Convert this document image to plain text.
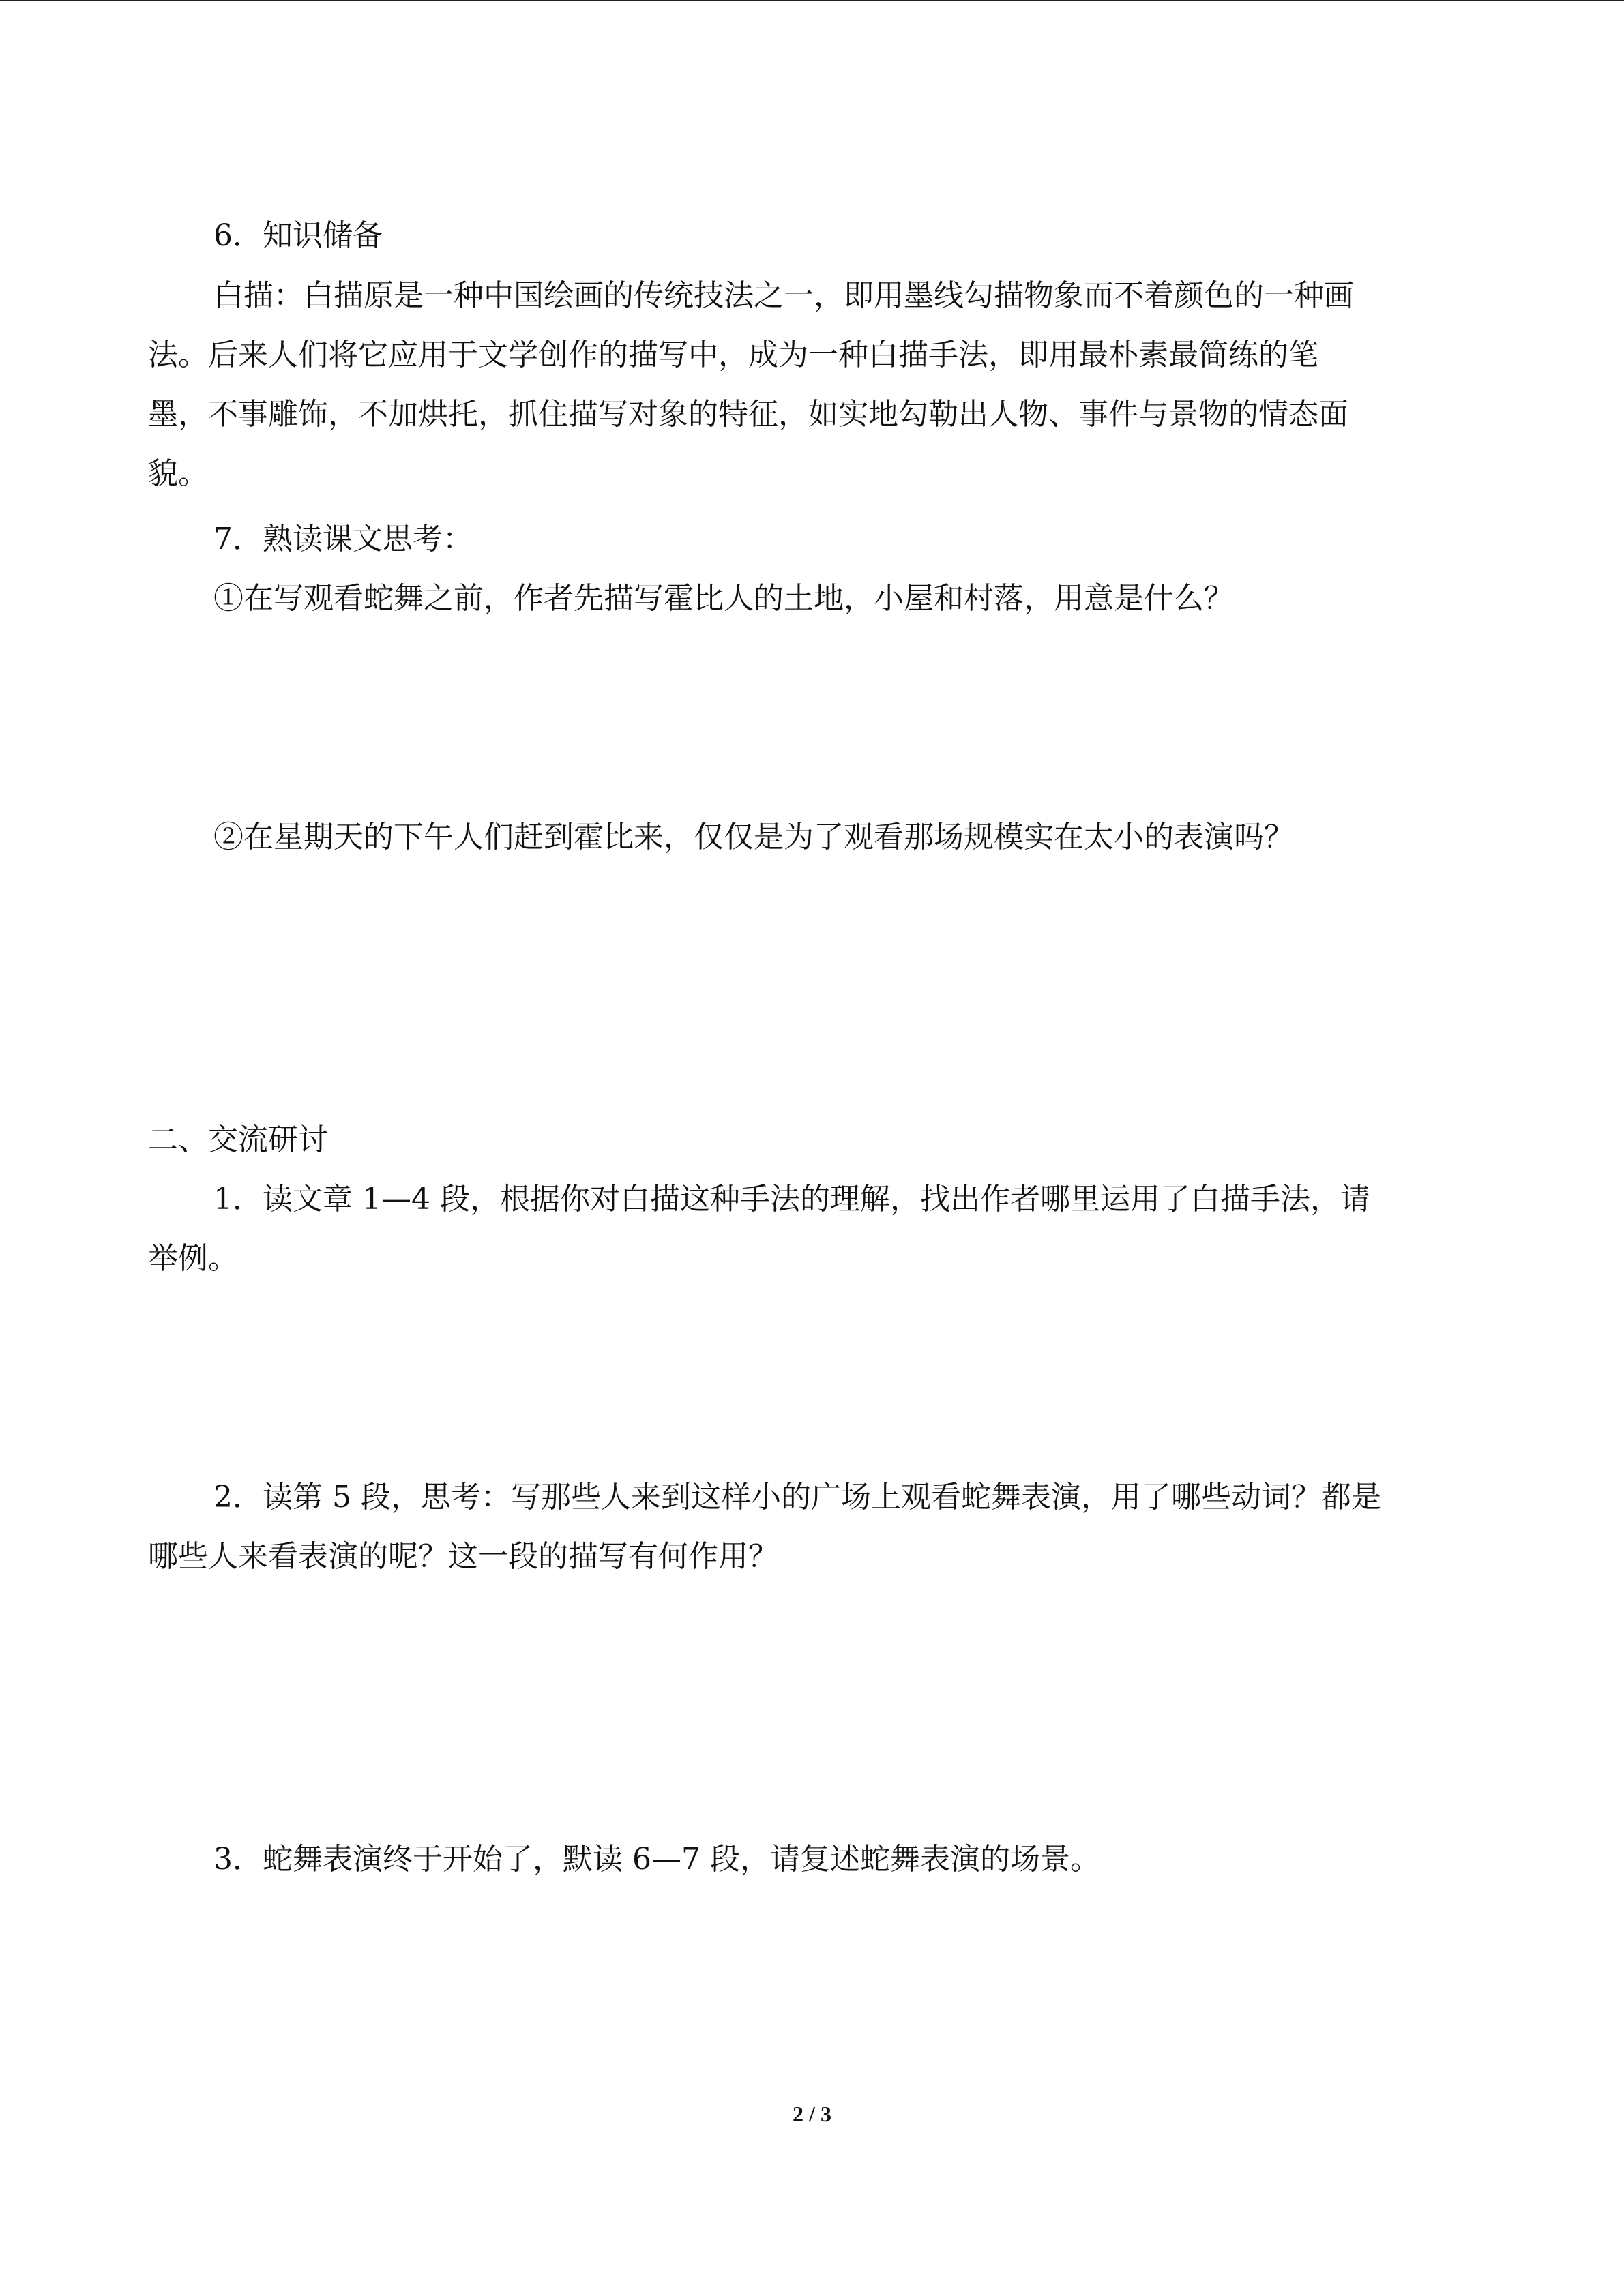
6．知识储备
白描：白描原是一种中国绘画的传统技法之一，即用墨线勾描物象而不着颜色的一种画
法。后来人们将它应用于文学创作的描写中，成为一种白描手法，即用最朴素最简练的笔
墨，不事雕饰，不加烘托，抓住描写对象的特征，如实地勾勒出人物、事件与景物的情态面
貌。
7．熟读课文思考：
①在写观看蛇舞之前，作者先描写霍比人的土地，小屋和村落，用意是什么？
②在星期天的下午人们赶到霍比来，仅仅是为了观看那场规模实在太小的表演吗？
二、交流研讨
1．读文章 1—4 段，根据你对白描这种手法的理解，找出作者哪里运用了白描手法，请
举例。
2．读第 5 段，思考：写那些人来到这样小的广场上观看蛇舞表演，用了哪些动词？都是
哪些人来看表演的呢？这一段的描写有何作用？
3．蛇舞表演终于开始了，默读 6—7 段，请复述蛇舞表演的场景。
2 / 3
